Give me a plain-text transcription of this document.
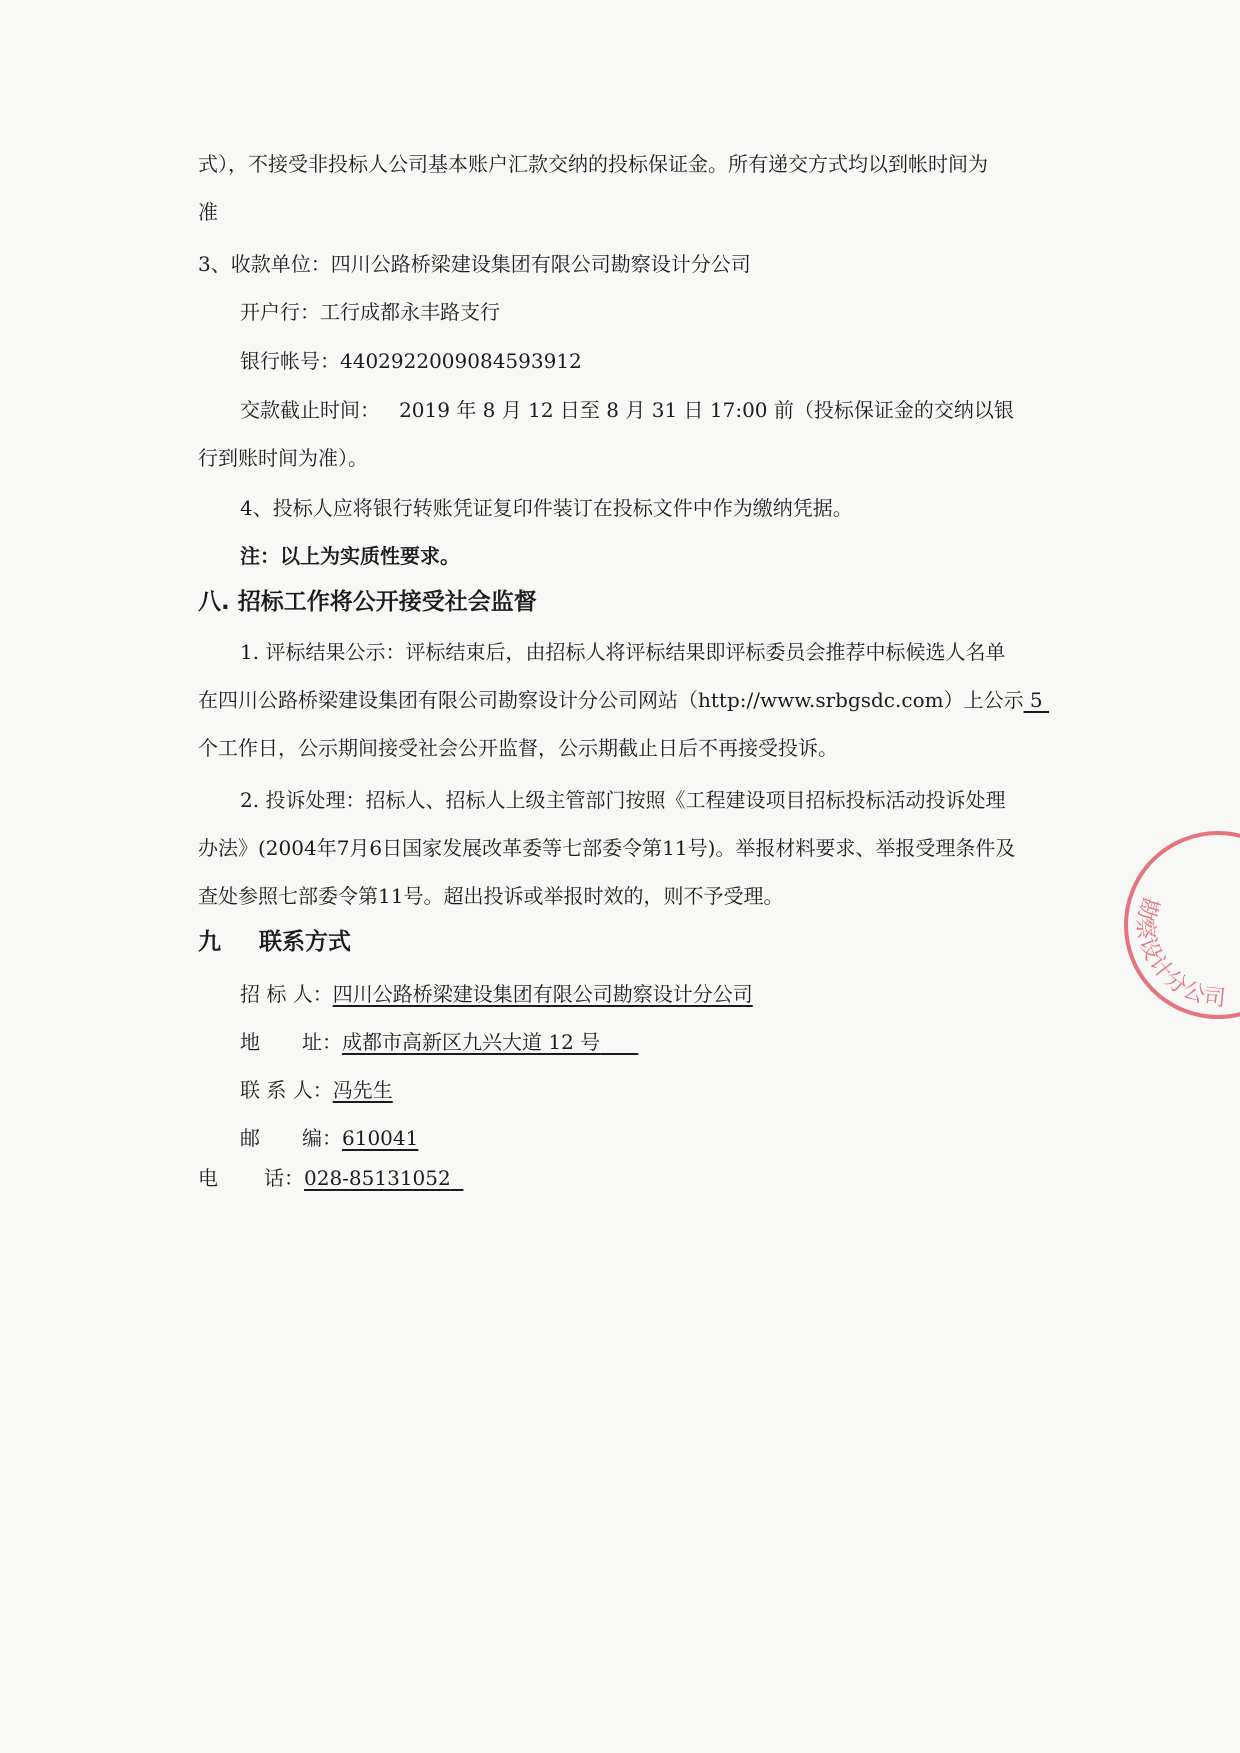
式），不接受非投标人公司基本账户汇款交纳的投标保证金。所有递交方式均以到帐时间为
准
3、收款单位：四川公路桥梁建设集团有限公司勘察设计分公司
开户行：工行成都永丰路支行
银行帐号：4402922009084593912
交款截止时间：   2019 年 8 月 12 日至 8 月 31 日 17:00 前（投标保证金的交纳以银
行到账时间为准）。
4、投标人应将银行转账凭证复印件装订在投标文件中作为缴纳凭据。
注：以上为实质性要求。
八. 招标工作将公开接受社会监督
1. 评标结果公示：评标结束后，由招标人将评标结果即评标委员会推荐中标候选人名单
在四川公路桥梁建设集团有限公司勘察设计分公司网站（http://www.srbgsdc.com）上公示 5
个工作日，公示期间接受社会公开监督，公示期截止日后不再接受投诉。
2. 投诉处理：招标人、招标人上级主管部门按照《工程建设项目招标投标活动投诉处理
办法》(2004年7月6日国家发展改革委等七部委令第11号)。举报材料要求、举报受理条件及
查处参照七部委令第11号。超出投诉或举报时效的，则不予受理。
九 联系方式
招 标 人：四川公路桥梁建设集团有限公司勘察设计分公司
地 址：成都市高新区九兴大道 12 号
联 系 人：冯先生
邮 编：610041
电 话：028-85131052
勘察设计分公司
